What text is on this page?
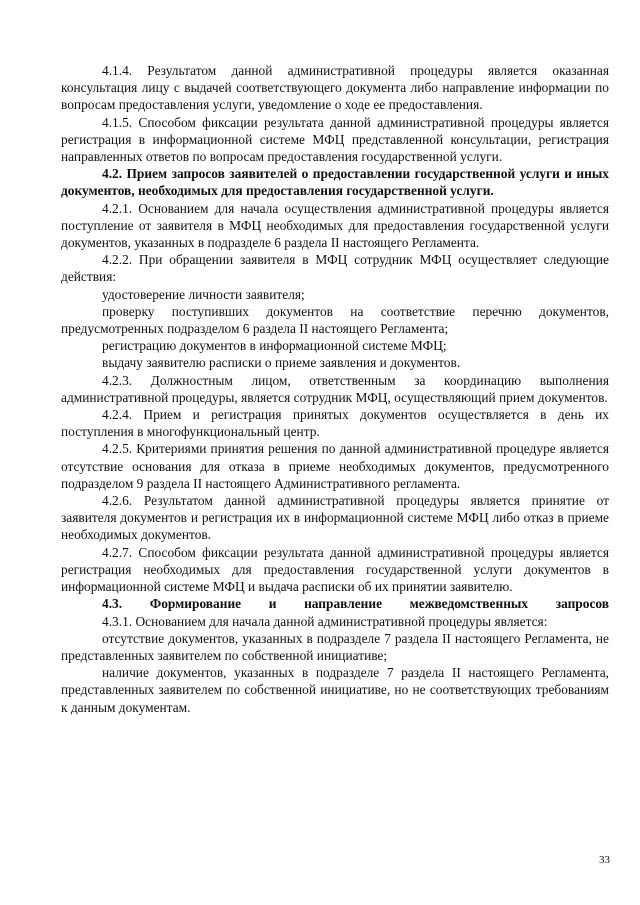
4.1.4. Результатом данной административной процедуры является оказанная консультация лицу с выдачей соответствующего документа либо направление информации по вопросам предоставления услуги, уведомление о ходе ее предоставления.

4.1.5. Способом фиксации результата данной административной процедуры является регистрация в информационной системе МФЦ представленной консультации, регистрация направленных ответов по вопросам предоставления государственной услуги.

4.2. Прием запросов заявителей о предоставлении государственной услуги и иных документов, необходимых для предоставления государственной услуги.

4.2.1. Основанием для начала осуществления административной процедуры является поступление от заявителя в МФЦ необходимых для предоставления государственной услуги документов, указанных в подразделе 6 раздела II настоящего Регламента.

4.2.2. При обращении заявителя в МФЦ сотрудник МФЦ осуществляет следующие действия:

удостоверение личности заявителя;

проверку поступивших документов на соответствие перечню документов, предусмотренных подразделом 6 раздела II настоящего Регламента;

регистрацию документов в информационной системе МФЦ;

выдачу заявителю расписки о приеме заявления и документов.

4.2.3. Должностным лицом, ответственным за координацию выполнения административной процедуры, является сотрудник МФЦ, осуществляющий прием документов.

4.2.4. Прием и регистрация принятых документов осуществляется в день их поступления в многофункциональный центр.

4.2.5. Критериями принятия решения по данной административной процедуре является отсутствие основания для отказа в приеме необходимых документов, предусмотренного подразделом 9 раздела II настоящего Административного регламента.

4.2.6. Результатом данной административной процедуры является принятие от заявителя документов и регистрация их в информационной системе МФЦ либо отказ в приеме необходимых документов.

4.2.7. Способом фиксации результата данной административной процедуры является регистрация необходимых для предоставления государственной услуги документов в информационной системе МФЦ и выдача расписки об их принятии заявителю.

4.3. Формирование и направление межведомственных запросов

4.3.1. Основанием для начала данной административной процедуры является:

отсутствие документов, указанных в подразделе 7 раздела II настоящего Регламента, не представленных заявителем по собственной инициативе;

наличие документов, указанных в подразделе 7 раздела II настоящего Регламента, представленных заявителем по собственной инициативе, но не соответствующих требованиям к данным документам.

33
